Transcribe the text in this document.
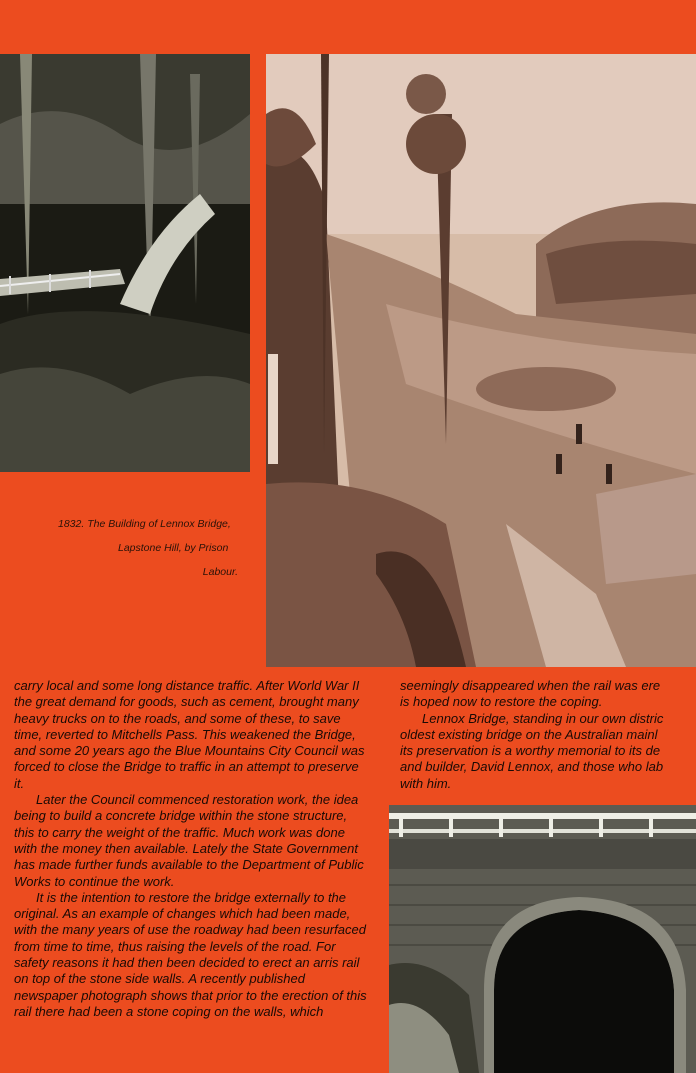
1832. The Building of Lennox Bridge,
Lapstone Hill, by Prison
Labour.

carry local and some long distance traffic. After World War II the great demand for goods, such as cement, brought many heavy trucks on to the roads, and some of these, to save time, reverted to Mitchells Pass. This weakened the Bridge, and some 20 years ago the Blue Mountains City Council was forced to close the Bridge to traffic in an attempt to preserve it.

Later the Council commenced restoration work, the idea being to build a concrete bridge within the stone structure, this to carry the weight of the traffic. Much work was done with the money then available. Lately the State Government has made further funds available to the Department of Public Works to continue the work.

It is the intention to restore the bridge externally to the original. As an example of changes which had been made, with the many years of use the roadway had been resurfaced from time to time, thus raising the levels of the road. For safety reasons it had then been decided to erect an arris rail on top of the stone side walls. A recently published newspaper photograph shows that prior to the erection of this rail there had been a stone coping on the walls, which

seemingly disappeared when the rail was ere

is hoped now to restore the coping.

Lennox Bridge, standing in our own distric

oldest existing bridge on the Australian mainl

its preservation is a worthy memorial to its de

and builder, David Lennox, and those who lab

with him.
